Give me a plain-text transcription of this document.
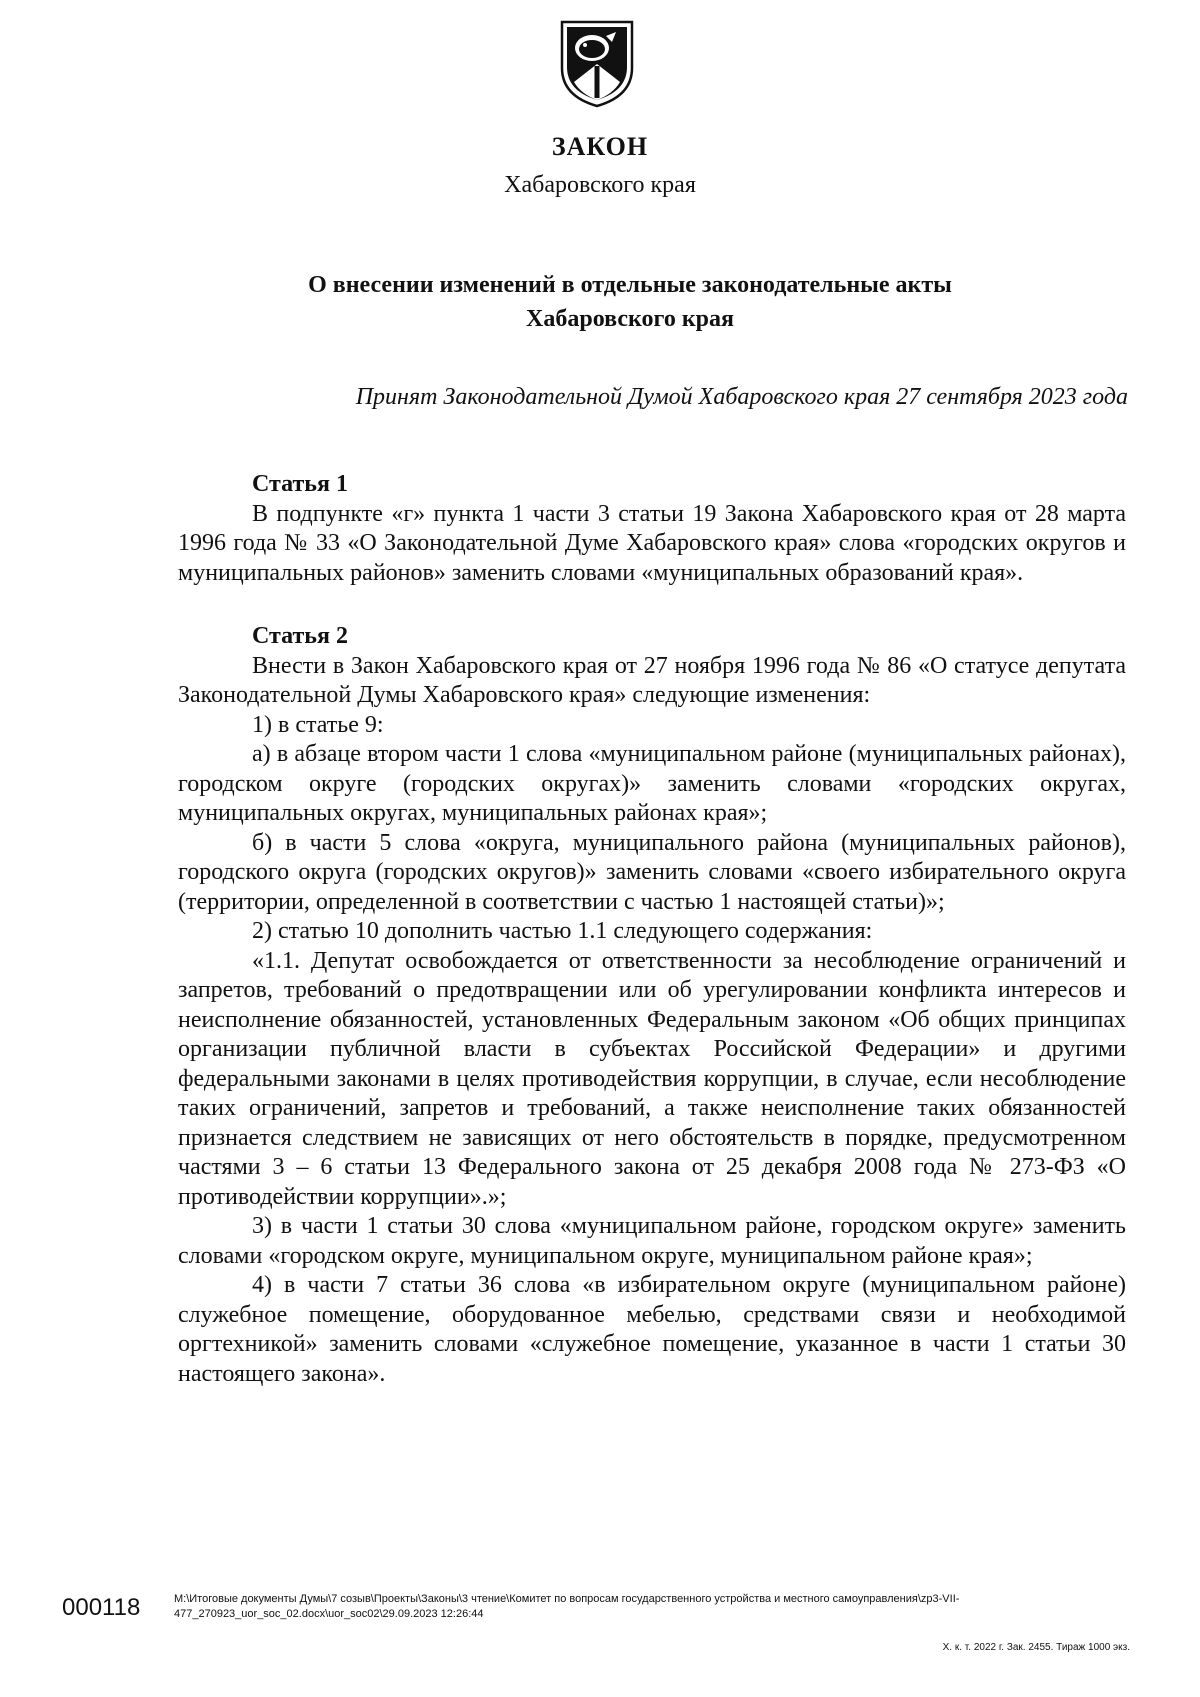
ЗАКОН
Хабаровского края
О внесении изменений в отдельные законодательные акты
Хабаровского края
Принят Законодательной Думой Хабаровского края 27 сентября 2023 года
Статья 1

В подпункте «г» пункта 1 части 3 статьи 19 Закона Хабаровского края от 28 марта 1996 года № 33 «О Законодательной Думе Хабаровского края» слова «городских округов и муниципальных районов» заменить словами «муниципальных образований края».

Статья 2

Внести в Закон Хабаровского края от 27 ноября 1996 года № 86 «О статусе депутата Законодательной Думы Хабаровского края» следующие изменения:

1) в статье 9:

а) в абзаце втором части 1 слова «муниципальном районе (муниципальных районах), городском округе (городских округах)» заменить словами «городских округах, муниципальных округах, муниципальных районах края»;

б) в части 5 слова «округа, муниципального района (муниципальных районов), городского округа (городских округов)» заменить словами «своего избирательного округа (территории, определенной в соответствии с частью 1 настоящей статьи)»;

2) статью 10 дополнить частью 1.1 следующего содержания:

«1.1. Депутат освобождается от ответственности за несоблюдение ограничений и запретов, требований о предотвращении или об урегулировании конфликта интересов и неисполнение обязанностей, установленных Федеральным законом «Об общих принципах организации публичной власти в субъектах Российской Федерации» и другими федеральными законами в целях противодействия коррупции, в случае, если несоблюдение таких ограничений, запретов и требований, а также неисполнение таких обязанностей признается следствием не зависящих от него обстоятельств в порядке, предусмотренном частями 3 – 6 статьи 13 Федерального закона от 25 декабря 2008 года № 273-ФЗ «О противодействии коррупции».»;

3) в части 1 статьи 30 слова «муниципальном районе, городском округе» заменить словами «городском округе, муниципальном округе, муниципальном районе края»;

4) в части 7 статьи 36 слова «в избирательном округе (муниципальном районе) служебное помещение, оборудованное мебелью, средствами связи и необходимой оргтехникой» заменить словами «служебное помещение, указанное в части 1 статьи 30 настоящего закона».

000118	М:\Итоговые документы Думы\7 созыв\Проекты\Законы\3 чтение\Комитет по вопросам государственного устройства и местного самоуправления\zp3-VII-
477_270923_uor_soc_02.docx\uor_soc02\29.09.2023 12:26:44
Х. к. т. 2022 г. Зак. 2455. Тираж 1000 экз.
